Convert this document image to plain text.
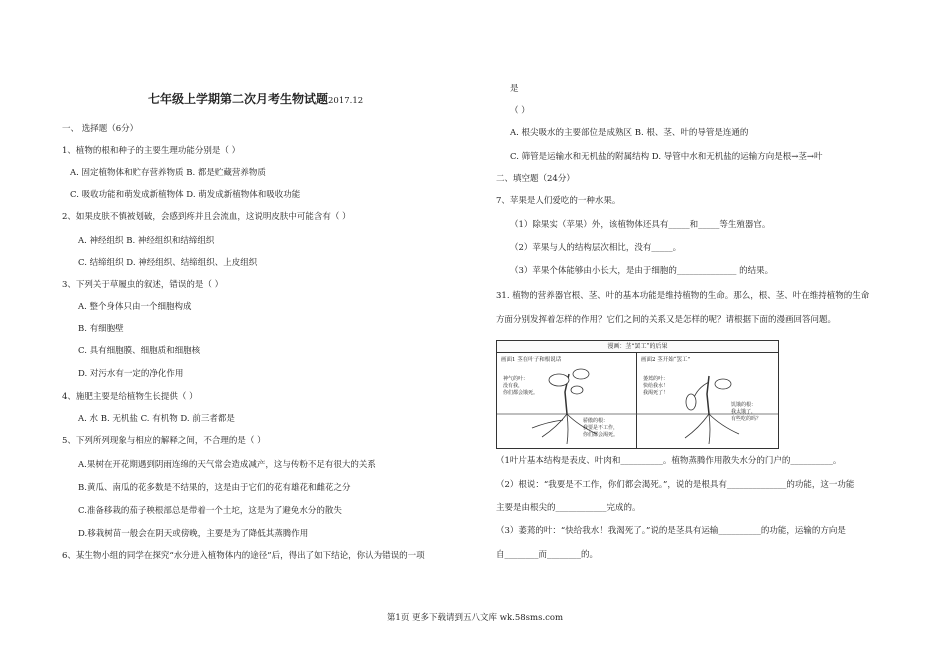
七年级上学期第二次月考生物试题2017.12
一、 选择题（6分）
1、植物的根和种子的主要生理功能分别是（ ）
A. 固定植物体和贮存营养物质 B. 都是贮藏营养物质
C. 吸收功能和萌发成新植物体 D. 萌发成新植物体和吸收功能
2、如果皮肤不慎被划破，会感到疼并且会流血，这说明皮肤中可能含有（ ）
A. 神经组织 B. 神经组织和结缔组织
C. 结缔组织 D. 神经组织、结缔组织、上皮组织
3、下列关于草履虫的叙述，错误的是（ ）
A. 整个身体只由一个细胞构成
B. 有细胞壁
C. 具有细胞膜、细胞质和细胞核
D. 对污水有一定的净化作用
4、施肥主要是给植物生长提供（ ）
A. 水 B. 无机盐 C. 有机物 D. 前三者都是
5、下列所列现象与相应的解释之间，不合理的是（ ）
A.果树在开花期遇到阴雨连绵的天气常会造成减产，这与传粉不足有很大的关系
B.黄瓜、南瓜的花多数是不结果的，这是由于它们的花有雄花和雌花之分
C.准备移栽的茄子秧根部总是带着一个土坨，这是为了避免水分的散失
D.移栽树苗一般会在阴天或傍晚，主要是为了降低其蒸腾作用
6、某生物小组的同学在探究“水分进入植物体内的途径”后，得出了如下结论，你认为错误的一项
是
（ ）
A. 根尖吸水的主要部位是成熟区 B. 根、茎、叶的导管是连通的
C. 筛管是运输水和无机盐的附属结构 D. 导管中水和无机盐的运输方向是根→茎→叶
二、填空题（24分）
7、苹果是人们爱吃的一种水果。
（1）除果实（苹果）外，该植物体还具有_____和_____等生殖器官。
（2）苹果与人的结构层次相比，没有_____。
（3）苹果个体能够由小长大，是由于细胞的______________ 的结果。
31. 植物的营养器官根、茎、叶的基本功能是维持植物的生命。那么，根、茎、叶在维持植物的生命
方面分别发挥着怎样的作用？它们之间的关系又是怎样的呢？请根据下面的漫画回答问题。
漫画：茎“罢工”的后果
画面1 茎在叶子和根说话
神气的叶：
没有我，
你们都会饿死。
骄傲的根：
我要是不工作，
你们都会渴死。
画面2 茎开始“罢工”
萎蔫的叶：
快给我水！
我渴死了！
饥饿的根：
我太饿了，
有些吃的吗？
（1叶片基本结构是表皮、叶肉和__________。植物蒸腾作用散失水分的门户的__________。
（2）根说：“我要是不工作，你们都会渴死。”，说的是根具有______________的功能，这一功能
主要是由根尖的____________完成的。
（3）萎蔫的叶：“快给我水！我渴死了。”说的是茎具有运输__________的功能，运输的方向是
自________而________的。
第1页 更多下载请到五八文库 wk.58sms.com
